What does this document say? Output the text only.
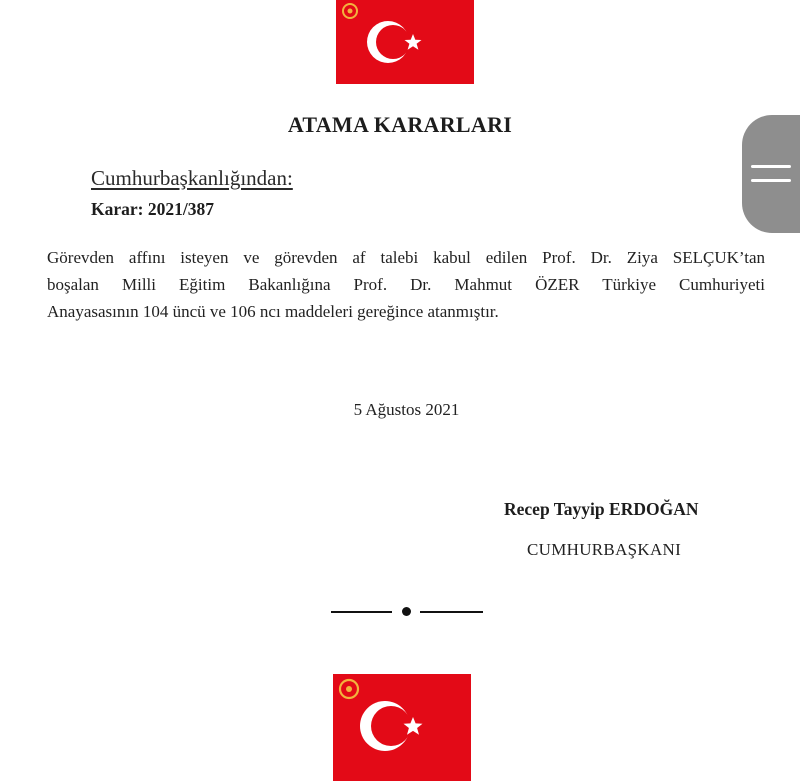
ATAMA KARARLARI
Cumhurbaşkanlığından:
Karar: 2021/387
Görevden affını isteyen ve görevden af talebi kabul edilen Prof. Dr. Ziya SELÇUK’tan
boşalan Milli Eğitim Bakanlığına Prof. Dr. Mahmut ÖZER Türkiye Cumhuriyeti
Anayasasının 104 üncü ve 106 ncı maddeleri gereğince atanmıştır.
5 Ağustos 2021
Recep Tayyip ERDOĞAN
CUMHURBAŞKANI
